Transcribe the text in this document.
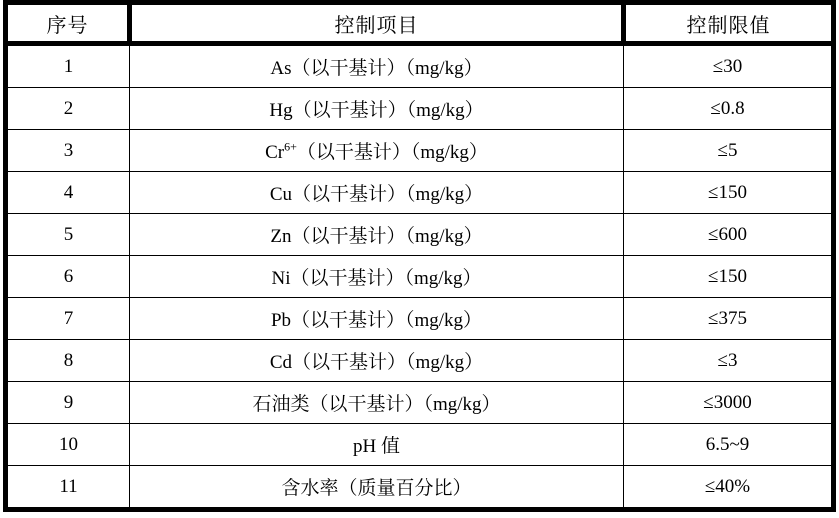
序号	控制项目	控制限值
1	As（以干基计）（mg/kg）	≤30
2	Hg（以干基计）（mg/kg）	≤0.8
3	$Cr^{6+}$（以干基计）（mg/kg）	≤5
4	Cu（以干基计）（mg/kg）	≤150
5	Zn（以干基计）（mg/kg）	≤600
6	Ni（以干基计）（mg/kg）	≤150
7	Pb（以干基计）（mg/kg）	≤375
8	Cd（以干基计）（mg/kg）	≤3
9	石油类（以干基计）（mg/kg）	≤3000
10	pH 值	6.5~9
11	含水率（质量百分比）	≤40%
